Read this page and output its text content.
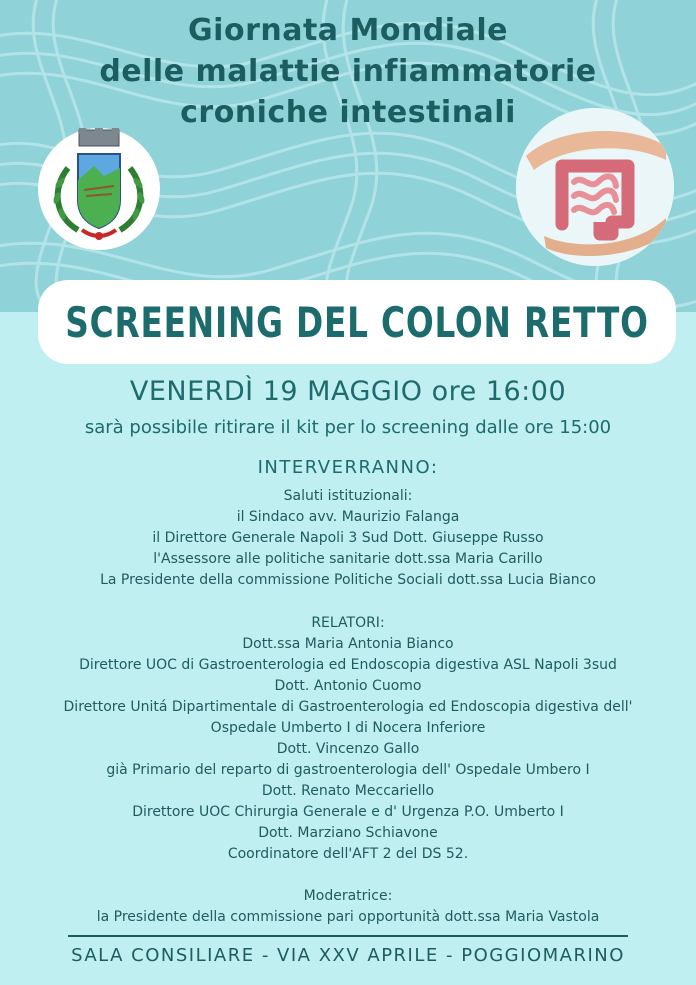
Giornata Mondiale
delle malattie infiammatorie
croniche intestinali
SCREENING DEL COLON RETTO
VENERDÌ 19 MAGGIO ore 16:00
sarà possibile ritirare il kit per lo screening dalle ore 15:00
INTERVERRANNO:
Saluti istituzionali:
il Sindaco avv. Maurizio Falanga
il Direttore Generale Napoli 3 Sud Dott. Giuseppe Russo
l'Assessore alle politiche sanitarie dott.ssa Maria Carillo
La Presidente della commissione Politiche Sociali dott.ssa Lucia Bianco
RELATORI:
Dott.ssa Maria Antonia Bianco
Direttore UOC di Gastroenterologia ed Endoscopia digestiva ASL Napoli 3sud
Dott. Antonio Cuomo
Direttore Unitá Dipartimentale di Gastroenterologia ed Endoscopia digestiva dell'
Ospedale Umberto I di Nocera Inferiore
Dott. Vincenzo Gallo
già Primario del reparto di gastroenterologia dell' Ospedale Umbero I
Dott. Renato Meccariello
Direttore UOC Chirurgia Generale e d' Urgenza P.O. Umberto I
Dott. Marziano Schiavone
Coordinatore dell'AFT 2 del DS 52.
Moderatrice:
la Presidente della commissione pari opportunità dott.ssa Maria Vastola
SALA CONSILIARE - VIA XXV APRILE - POGGIOMARINO
